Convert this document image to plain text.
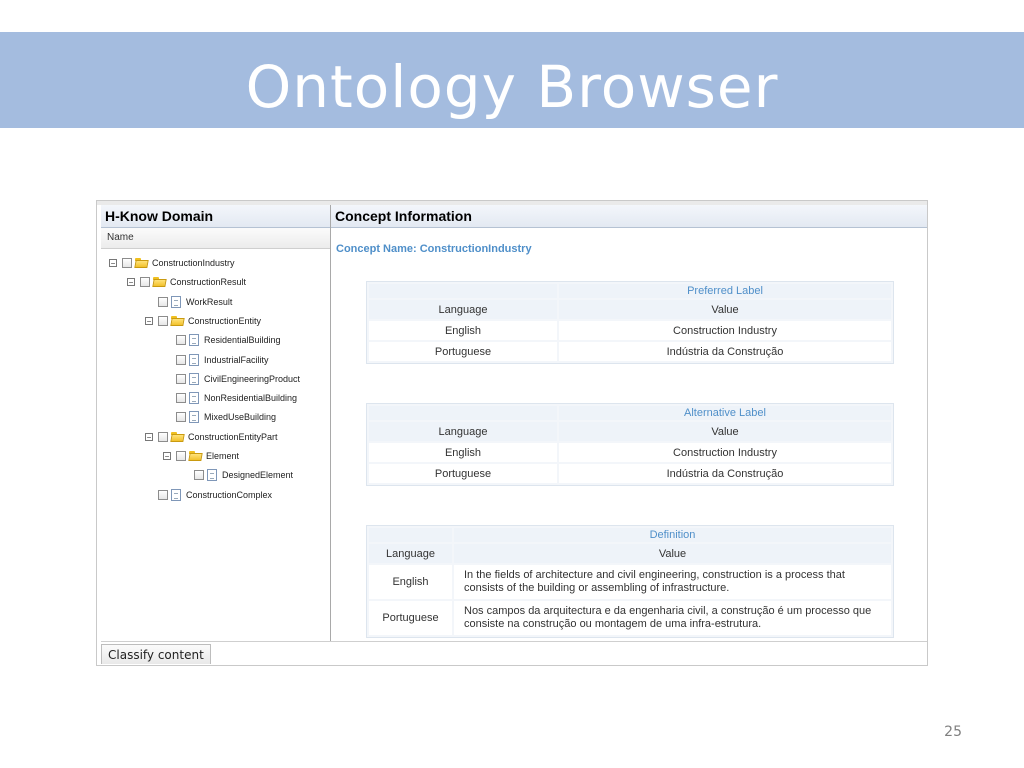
Ontology Browser
H-Know Domain
Name
−	ConstructionIndustry
−	ConstructionResult
WorkResult
−	ConstructionEntity
ResidentialBuilding
IndustrialFacility
CivilEngineeringProduct
NonResidentialBuilding
MixedUseBuilding
−	ConstructionEntityPart
−	Element
DesignedElement
ConstructionComplex
Concept Information
Concept Name: ConstructionIndustry
	Preferred Label
Language	Value
English	Construction Industry
Portuguese	Indústria da Construção
	Alternative Label
Language	Value
English	Construction Industry
Portuguese	Indústria da Construção
	Definition
Language	Value
English	In the fields of architecture and civil engineering, construction is a process that consists of the building or assembling of infrastructure.
Portuguese	Nos campos da arquitectura e da engenharia civil, a construção é um processo que consiste na construção ou montagem de uma infra-estrutura.
Classify content
25
